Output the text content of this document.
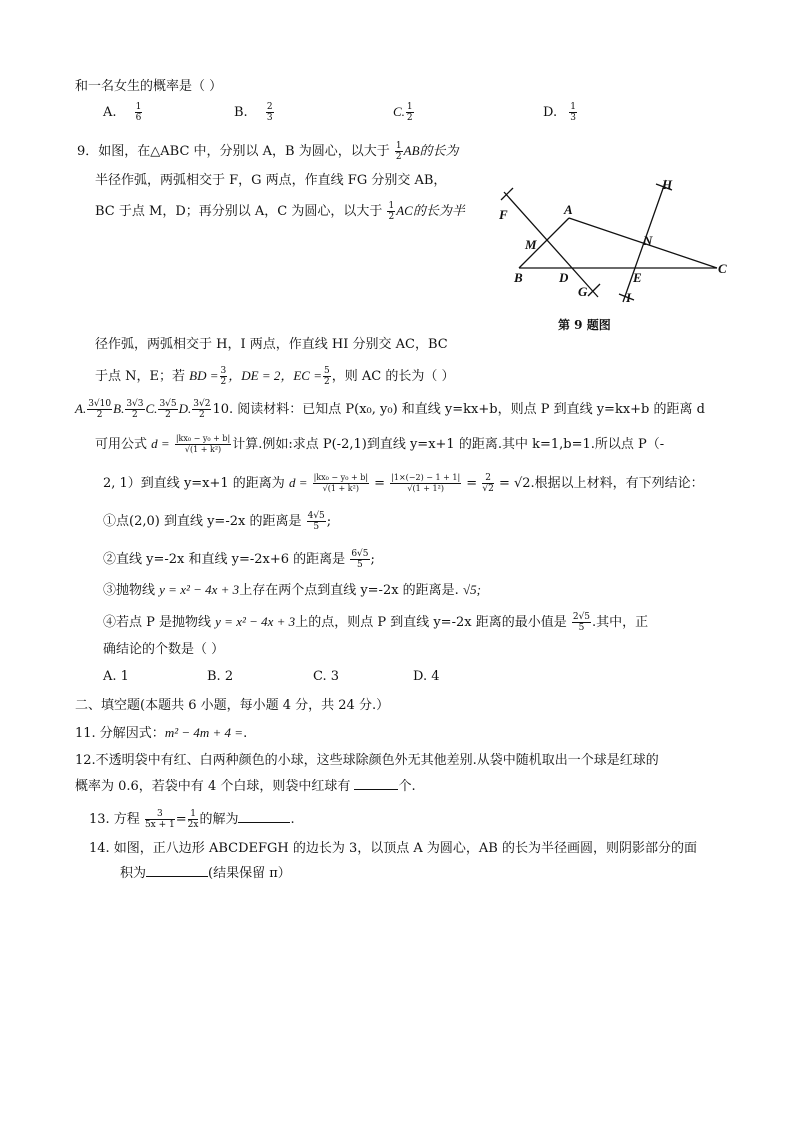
和一名女生的概率是（ ）
A. $\frac{1}{6}$	B. $\frac{2}{3}$	C. $\frac{1}{2}$	D. $\frac{1}{3}$
9．如图，在△ABC 中，分别以 A，B 为圆心，以大于 $\frac{1}{2}$ AB的长为
半径作弧，两弧相交于 F，G 两点，作直线 FG 分别交 AB，
BC 于点 M，D；再分别以 A，C 为圆心，以大于 $\frac{1}{2}$ AC的长为半	A
B
C
D	E
F
G
H
I
M	N
第 9 题图
径作弧，两弧相交于 H，I 两点，作直线 HI 分别交 AC，BC
于点 N，E；若 BD = $\frac{3}{2}$ ，DE = 2，EC = $\frac{5}{2}$ ，则 AC 的长为（ ）
A. $\frac{3√10}{2} B$. $\frac{3√3}{2} C$. $\frac{3√5}{2} D$. $\frac{3√2}{2} 10$. 阅读材料：已知点 P(x₀, y₀) 和直线 y=kx+b，则点 P 到直线 y=kx+b 的距离 d
可用公式 $d = \frac{\text{|kx₀ − y₀ + b|}}{\text{√(1 + k²)}}$ 计算.例如:求点 P(-2,1)到直线 y=x+1 的距离.其中 k=1,b=1.所以点 P（-
2, 1）到直线 y=x+1 的距离为 $d = \frac{\text{|kx₀ − y₀ + b|}}{\text{√(1 + k²)}} = \frac{|1\times(-2) - 1 + 1|}{\text{√(1 + 1²)}} = \frac{2}{√2} = √2$.根据以上材料，有下列结论：
①点(2,0) 到直线 y=-2x 的距离是 $\frac{4√5}{5}$ ;
②直线 y=-2x 和直线 y=-2x+6 的距离是 $\frac{6√5}{5}$ ;
③抛物线 y = x² − 4x + 3上存在两个点到直线 y=-2x 的距离是. √5;
④若点 P 是抛物线 y = x² − 4x + 3上的点，则点 P 到直线 y=-2x 距离的最小值是 $\frac{2√5}{5}$ .其中，正
确结论的个数是（ ）
A. 1	B. 2	C. 3	D. 4
二、填空题(本题共 6 小题，每小题 4 分，共 24 分.）
11. 分解因式：m² − 4m + 4 =.
12.不透明袋中有红、白两种颜色的小球，这些球除颜色外无其他差别.从袋中随机取出一个球是红球的
概率为 0.6，若袋中有 4 个白球，则袋中红球有	个.
13. 方程 $\frac{3}{5x + 1} = \frac{1}{2x}$ 的解为	.
14. 如图，正八边形 ABCDEFGH 的边长为 3，以顶点 A 为圆心，AB 的长为半径画圆，则阴影部分的面
积为	(结果保留 π）
